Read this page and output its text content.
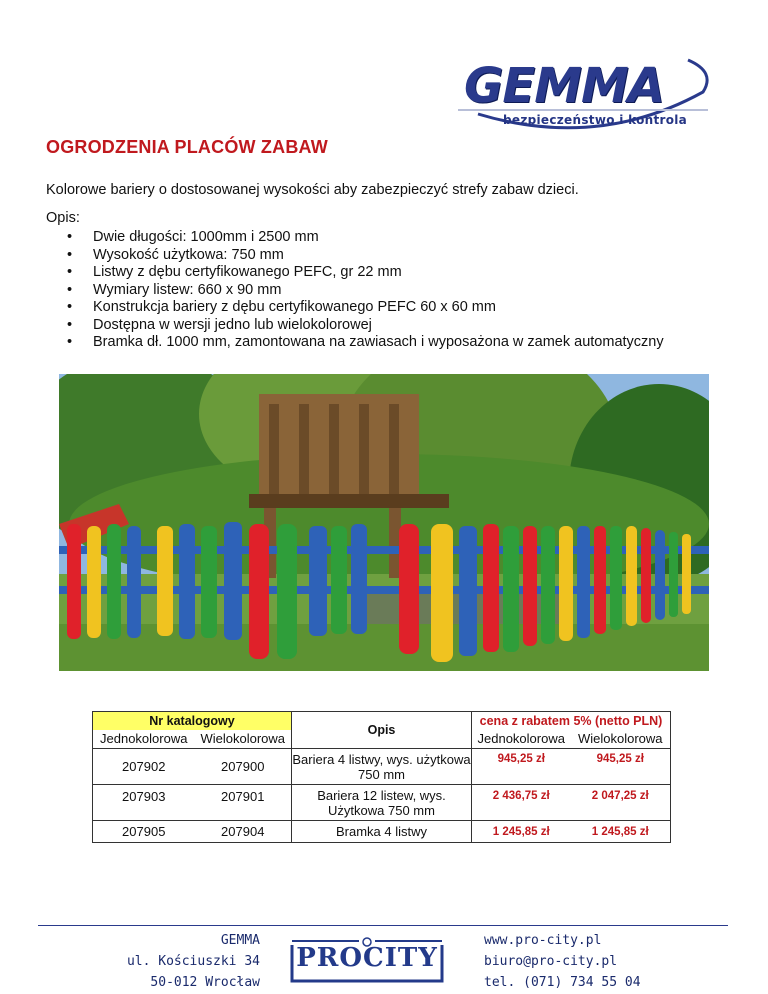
GEMMA
bezpieczeństwo i kontrola
OGRODZENIA PLACÓW ZABAW
Kolorowe bariery o dostosowanej wysokości aby zabezpieczyć strefy zabaw dzieci.
Opis:
• Dwie długości: 1000mm i 2500 mm
• Wysokość użytkowa: 750 mm
• Listwy z dębu certyfikowanego PEFC, gr 22 mm
• Wymiary listew: 660 x 90 mm
• Konstrukcja bariery z dębu certyfikowanego PEFC 60 x 60 mm
• Dostępna w wersji jedno lub wielokolorowej
• Bramka dł. 1000 mm, zamontowana na zawiasach i wyposażona w zamek automatyczny
Nr katalogowy		Opis	cena z rabatem 5% (netto PLN)	
Jednokolorowa	Wielokolorowa		Jednokolorowa	Wielokolorowa
207902	207900	Bariera 4 listwy, wys. użytkowa 750 mm	945,25 zł	945,25 zł
207903	207901	Bariera 12 listew, wys. Użytkowa 750 mm	2 436,75 zł	2 047,25 zł
207905	207904	Bramka 4 listwy	1 245,85 zł	1 245,85 zł
GEMMA
ul. Kościuszki 34
50-012 Wrocław
PROCITY
www.pro-city.pl
biuro@pro-city.pl
tel. (071) 734 55 04
